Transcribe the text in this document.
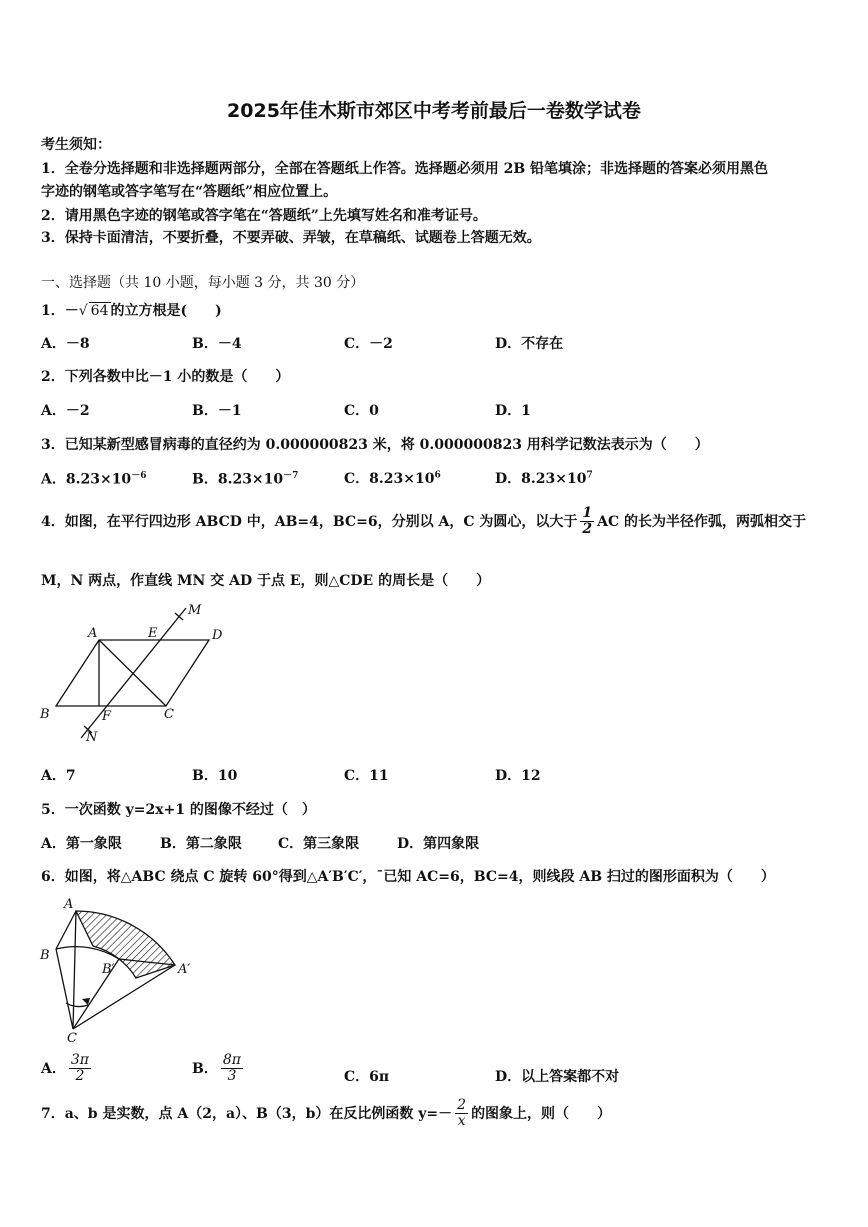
2025年佳木斯市郊区中考考前最后一卷数学试卷
考生须知：
1．全卷分选择题和非选择题两部分，全部在答题纸上作答。选择题必须用 2B 铅笔填涂；非选择题的答案必须用黑色
字迹的钢笔或答字笔写在“答题纸”相应位置上。
2．请用黑色字迹的钢笔或答字笔在“答题纸”上先填写姓名和准考证号。
3．保持卡面清洁，不要折叠，不要弄破、弄皱，在草稿纸、试题卷上答题无效。
一、选择题（共 10 小题，每小题 3 分，共 30 分）
1．－√ 64 的立方根是(　　)
A．－8	B．－4	C．－2	D．不存在
2．下列各数中比－1 小的数是（　　）
A．－2	B．－1	C．0	D．1
3．已知某新型感冒病毒的直径约为 0.000000823 米，将 0.000000823 用科学记数法表示为（　　）
A．$8.23\times 10^{-6}$	B．$8.23\times 10^{-7}$	C．$8.23\times 10^6$	D．$8.23\times 10^7$
4．如图，在平行四边形 ABCD 中，AB=4，BC=6，分别以 A，C 为圆心，以大于 $\frac{1}{2}$ AC 的长为半径作弧，两弧相交于
M，N 两点，作直线 MN 交 AD 于点 E，则△CDE 的周长是（　　）
A	E	D
M
B	F	C
N
A．7	B．10	C．11	D．12
5．一次函数 y=2x+1 的图像不经过（　）
A．第一象限	B．第二象限	C．第三象限	D．第四象限
6．如图，将△ABC 绕点 C 旋转 60°得到△A′B′C′，ˉ已知 AC=6，BC=4，则线段 AB 扫过的图形面积为（　　）
A
B
B′	A′
C
A． $\frac{3\pi}{2}$	B． $\frac{8\pi}{3}$	C．6π	D．以上答案都不对
7．a、b 是实数，点 A（2，a）、B（3，b）在反比例函数 $y=- \frac{2}{x}$ 的图象上，则（　　）
